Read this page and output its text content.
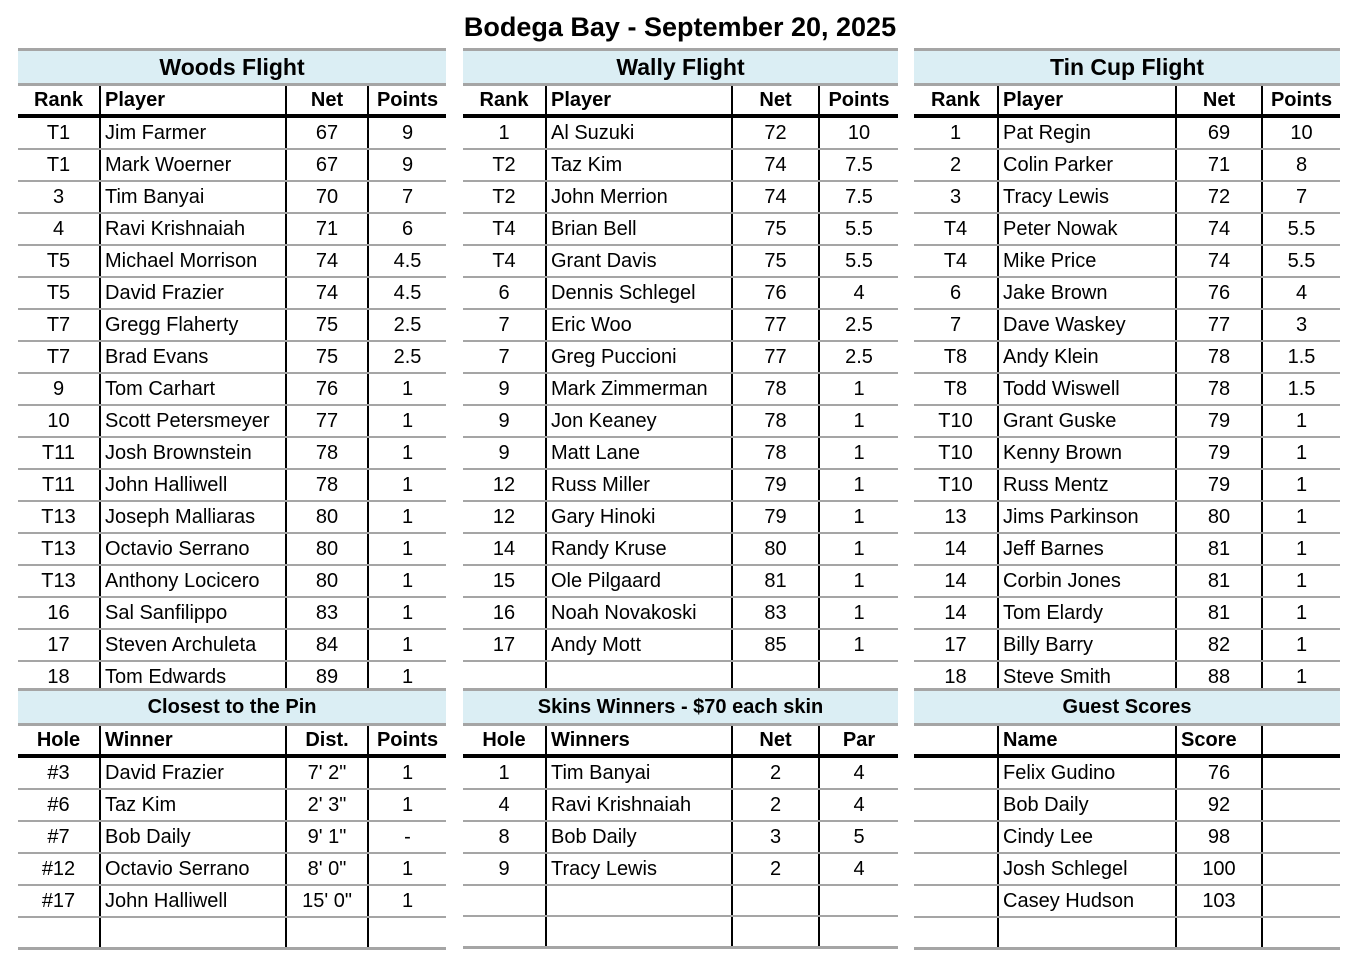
Bodega Bay - September 20, 2025
Woods Flight			
Rank	Player	Net	Points
T1	Jim Farmer	67	9
T1	Mark Woerner	67	9
3	Tim Banyai	70	7
4	Ravi Krishnaiah	71	6
T5	Michael Morrison	74	4.5
T5	David Frazier	74	4.5
T7	Gregg Flaherty	75	2.5
T7	Brad Evans	75	2.5
9	Tom Carhart	76	1
10	Scott Petersmeyer	77	1
T11	Josh Brownstein	78	1
T11	John Halliwell	78	1
T13	Joseph Malliaras	80	1
T13	Octavio Serrano	80	1
T13	Anthony Locicero	80	1
16	Sal Sanfilippo	83	1
17	Steven Archuleta	84	1
18	Tom Edwards	89	1
Wally Flight			
Rank	Player	Net	Points
1	Al Suzuki	72	10
T2	Taz Kim	74	7.5
T2	John Merrion	74	7.5
T4	Brian Bell	75	5.5
T4	Grant Davis	75	5.5
6	Dennis Schlegel	76	4
7	Eric Woo	77	2.5
7	Greg Puccioni	77	2.5
9	Mark Zimmerman	78	1
9	Jon Keaney	78	1
9	Matt Lane	78	1
12	Russ Miller	79	1
12	Gary Hinoki	79	1
14	Randy Kruse	80	1
15	Ole Pilgaard	81	1
16	Noah Novakoski	83	1
17	Andy Mott	85	1

Tin Cup Flight			
Rank	Player	Net	Points
1	Pat Regin	69	10
2	Colin Parker	71	8
3	Tracy Lewis	72	7
T4	Peter Nowak	74	5.5
T4	Mike Price	74	5.5
6	Jake Brown	76	4
7	Dave Waskey	77	3
T8	Andy Klein	78	1.5
T8	Todd Wiswell	78	1.5
T10	Grant Guske	79	1
T10	Kenny Brown	79	1
T10	Russ Mentz	79	1
13	Jims Parkinson	80	1
14	Jeff Barnes	81	1
14	Corbin Jones	81	1
14	Tom Elardy	81	1
17	Billy Barry	82	1
18	Steve Smith	88	1
Closest to the Pin			
Hole	Winner	Dist.	Points
#3	David Frazier	7' 2"	1
#6	Taz Kim	2' 3"	1
#7	Bob Daily	9' 1"	-
#12	Octavio Serrano	8' 0"	1
#17	John Halliwell	15' 0"	1

Skins Winners - $70 each skin			
Hole	Winners	Net	Par
1	Tim Banyai	2	4
4	Ravi Krishnaiah	2	4
8	Bob Daily	3	5
9	Tracy Lewis	2	4

Guest Scores			
	Name	Score	
	Felix Gudino	76	
	Bob Daily	92	
	Cindy Lee	98	
	Josh Schlegel	100	
	Casey Hudson	103	
